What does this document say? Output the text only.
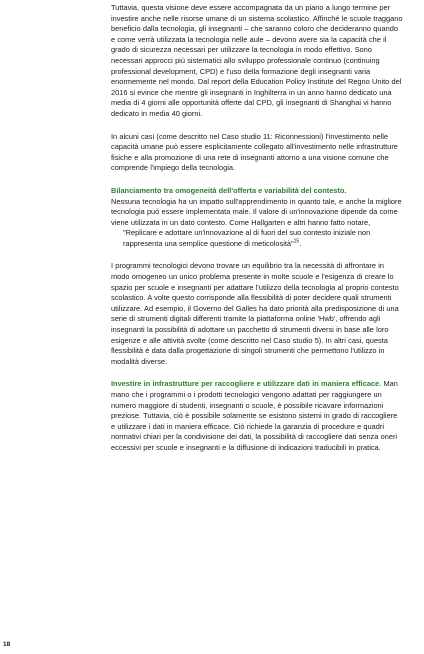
Tuttavia, questa visione deve essere accompagnata da un piano a lungo termine per investire anche nelle risorse umane di un sistema scolastico. Affinché le scuole traggano beneficio dalla tecnologia, gli insegnanti – che saranno coloro che decideranno quando e come verrà utilizzata la tecnologia nelle aule – devono avere sia la capacità che il grado di sicurezza necessari per utilizzare la tecnologia in modo effettivo. Sono necessari approcci più sistematici allo sviluppo professionale continuo (continuing professional development, CPD) e l'uso della formazione degli insegnanti varia enormemente nel mondo. Dal report della Education Policy Institute del Regno Unito del 2016 si evince che mentre gli insegnanti in Inghilterra in un anno hanno dedicato una media di 4 giorni alle opportunità offerte dal CPD, gli insegnanti di Shanghai vi hanno dedicato in media 40 giorni.

In alcuni casi (come descritto nel Caso studio 11: Riconnessioni) l'investimento nelle capacità umane può essere esplicitamente collegato all'investimento nelle infrastrutture fisiche e alla promozione di una rete di insegnanti attorno a una visione comune che comprende l'impiego della tecnologia.

Bilanciamento tra omogeneità dell'offerta e variabilità del contesto.

Nessuna tecnologia ha un impatto sull'apprendimento in quanto tale, e anche la migliore tecnologia può essere implementata male. Il valore di un'innovazione dipende da come viene utilizzata in un dato contesto. Come Hallgarten e altri hanno fatto notare,

"Replicare e adottare un'innovazione al di fuori del suo contesto iniziale non rappresenta una semplice questione di meticolosità"$^{15}$.

I programmi tecnologici devono trovare un equilibrio tra la necessità di affrontare in modo omogeneo un unico problema presente in molte scuole e l'esigenza di creare lo spazio per scuole e insegnanti per adattare l'utilizzo della tecnologia al proprio contesto scolastico. A volte questo corrisponde alla flessibilità di poter decidere quali strumenti utilizzare. Ad esempio, il Governo del Galles ha dato priorità alla predisposizione di una serie di strumenti digitali differenti tramite la piattaforma online 'Hwb', offrendo agli insegnanti la possibilità di adottare un pacchetto di strumenti diversi in base alle loro esigenze e alle attività svolte (come descritto nel Caso studio 5). In altri casi, questa flessibilità è data dalla progettazione di singoli strumenti che permettono l'utilizzo in modalità diverse.

Investire in infrastrutture per raccogliere e utilizzare dati in maniera efficace. Man mano che i programmi o i prodotti tecnologici vengono adattati per raggiungere un numero maggiore di studenti, insegnanti o scuole, è possibile ricavare informazioni preziose. Tuttavia, ciò è possibile solamente se esistono sistemi in grado di raccogliere e utilizzare i dati in maniera efficace. Ciò richiede la garanzia di procedure e quadri normativi chiari per la condivisione dei dati, la possibilità di raccogliere dati senza oneri eccessivi per scuole e insegnanti e la diffusione di indicazioni traducibili in pratica.

18
